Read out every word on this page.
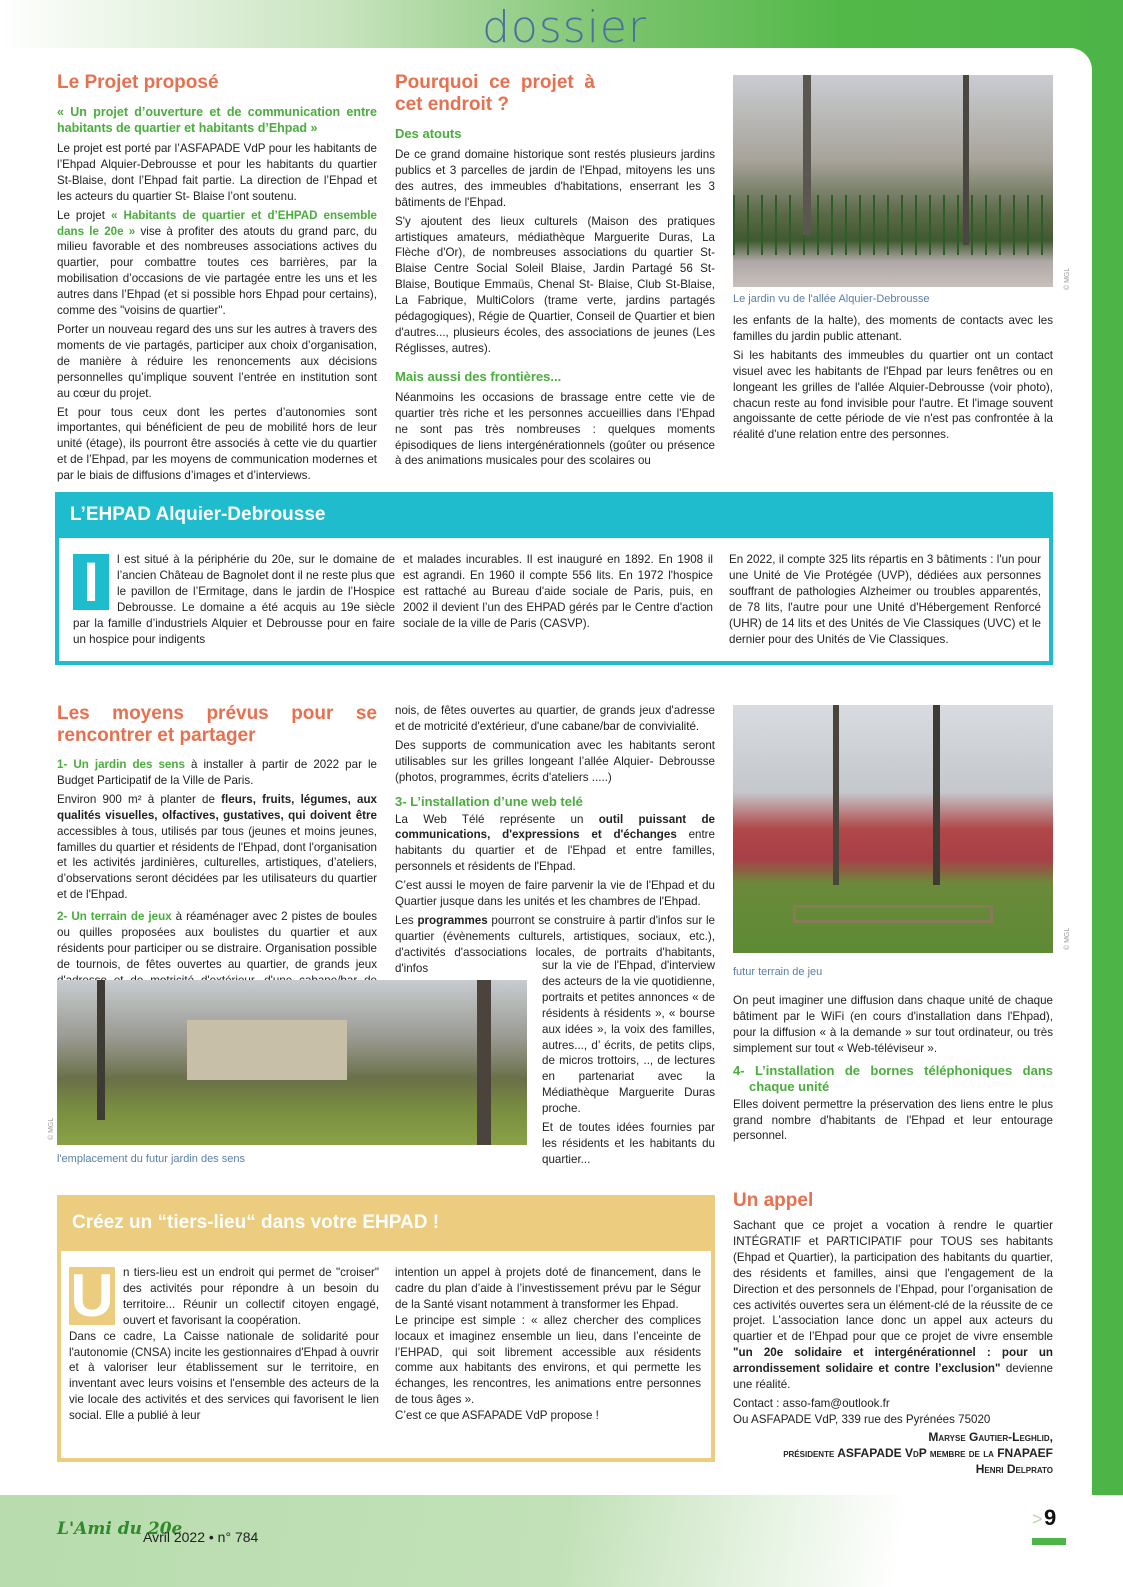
dossier
Le Projet proposé
« Un projet d’ouverture et de communication entre habitants de quartier et habitants d’Ehpad »

Le projet est porté par l’ASFAPADE VdP pour les habitants de l’Ehpad Alquier-Debrousse et pour les habitants du quartier St-Blaise, dont l’Ehpad fait partie. La direction de l’Ehpad et les acteurs du quartier St- Blaise l’ont soutenu.

Le projet « Habitants de quartier et d’EHPAD ensemble dans le 20e » vise à profiter des atouts du grand parc, du milieu favorable et des nombreuses associations actives du quartier, pour combattre toutes ces barrières, par la mobilisation d’occasions de vie partagée entre les uns et les autres dans l’Ehpad (et si possible hors Ehpad pour certains), comme des "voisins de quartier".

Porter un nouveau regard des uns sur les autres à travers des moments de vie partagés, participer aux choix d’organisation, de manière à réduire les renoncements aux décisions personnelles qu’implique souvent l’entrée en institution sont au cœur du projet.

Et pour tous ceux dont les pertes d’autonomies sont importantes, qui bénéficient de peu de mobilité hors de leur unité (étage), ils pourront être associés à cette vie du quartier et de l’Ehpad, par les moyens de communication modernes et par le biais de diffusions d’images et d’interviews.

Pourquoi ce projet à cet endroit ?
Des atouts

De ce grand domaine historique sont restés plusieurs jardins publics et 3 parcelles de jardin de l'Ehpad, mitoyens les uns des autres, des immeubles d'habitations, enserrant les 3 bâtiments de l'Ehpad.

S'y ajoutent des lieux culturels (Maison des pratiques artistiques amateurs, médiathèque Marguerite Duras, La Flèche d'Or), de nombreuses associations du quartier St- Blaise Centre Social Soleil Blaise, Jardin Partagé 56 St- Blaise, Boutique Emmaüs, Chenal St- Blaise, Club St-Blaise, La Fabrique, MultiColors (trame verte, jardins partagés pédagogiques), Régie de Quartier, Conseil de Quartier et bien d'autres..., plusieurs écoles, des associations de jeunes (Les Réglisses, autres).

Mais aussi des frontières...

Néanmoins les occasions de brassage entre cette vie de quartier très riche et les personnes accueillies dans l'Ehpad ne sont pas très nombreuses : quelques moments épisodiques de liens intergénérationnels (goûter ou présence à des animations musicales pour des scolaires ou

© MGL
Le jardin vu de l'allée Alquier-Debrousse

les enfants de la halte), des moments de contacts avec les familles du jardin public attenant.

Si les habitants des immeubles du quartier ont un contact visuel avec les habitants de l'Ehpad par leurs fenêtres ou en longeant les grilles de l'allée Alquier-Debrousse (voir photo), chacun reste au fond invisible pour l'autre. Et l'image souvent angoissante de cette période de vie n'est pas confrontée à la réalité d'une relation entre des personnes.

L’EHPAD Alquier-Debrousse
I	l est situé à la périphérie du 20e, sur le domaine de l’ancien Château de Bagnolet dont il ne reste plus que le pavillon de l’Ermitage, dans le jardin de l’Hospice Debrousse. Le domaine a été acquis au 19e siècle par la famille d’industriels Alquier et Debrousse pour en faire un hospice pour indigents
et malades incurables. Il est inauguré en 1892. En 1908 il est agrandi. En 1960 il compte 556 lits. En 1972 l'hospice est rattaché au Bureau d'aide sociale de Paris, puis, en 2002 il devient l’un des EHPAD gérés par le Centre d'action sociale de la ville de Paris (CASVP).
En 2022, il compte 325 lits répartis en 3 bâtiments : l'un pour une Unité de Vie Protégée (UVP), dédiées aux personnes souffrant de pathologies Alzheimer ou troubles apparentés, de 78 lits, l'autre pour une Unité d'Hébergement Renforcé (UHR) de 14 lits et des Unités de Vie Classiques (UVC) et le dernier pour des Unités de Vie Classiques.
Les moyens prévus pour se rencontrer et partager

1- Un jardin des sens à installer à partir de 2022 par le Budget Participatif de la Ville de Paris.

Environ 900 m² à planter de fleurs, fruits, légumes, aux qualités visuelles, olfactives, gustatives, qui doivent être accessibles à tous, utilisés par tous (jeunes et moins jeunes, familles du quartier et résidents de l'Ehpad, dont l'organisation et les activités jardinières, culturelles, artistiques, d’ateliers, d’observations seront décidées par les utilisateurs du quartier et de l'Ehpad.

2- Un terrain de jeux à réaménager avec 2 pistes de boules ou quilles proposées aux boulistes du quartier et aux résidents pour participer ou se distraire. Organisation possible de tournois, de fêtes ouvertes au quartier, de grands jeux

nois, de fêtes ouvertes au quartier, de grands jeux d'adresse et de motricité d'extérieur, d'une cabane/bar de convivialité.

Des supports de communication avec les habitants seront utilisables sur les grilles longeant l’allée Alquier- Debrousse (photos, programmes, écrits d'ateliers .....)

3- L’installation d’une web telé

La Web Télé représente un outil puissant de communications, d'expressions et d'échanges entre habitants du quartier et de l'Ehpad et entre familles, personnels et résidents de l'Ehpad.

C’est aussi le moyen de faire parvenir la vie de l'Ehpad et du Quartier jusque dans les unités et les chambres de l'Ehpad.

Les programmes pourront se construire à partir d'infos sur le quartier (évènements culturels, artistiques, sociaux, etc.), d'activités d'associations locales, de portraits d'habitants, d'infos	sur la vie de l'Ehpad, d'interview des acteurs de la vie quotidienne, portraits et petites annonces « de résidents à résidents », « bourse aux idées », la voix des familles, autres..., d’ écrits, de petits clips, de micros trottoirs, .., de lectures en partenariat avec la Médiathèque Marguerite Duras proche.

Et de toutes idées fournies par les résidents et les habitants du quartier...

© MGL
futur terrain de jeu

On peut imaginer une diffusion dans chaque unité de chaque bâtiment par le WiFi (en cours d'installation dans l'Ehpad), pour la diffusion « à la demande » sur tout ordinateur, ou très simplement sur tout « Web-téléviseur ».

4- L’installation de bornes téléphoniques dans chaque unité

Elles doivent permettre la préservation des liens entre le plus grand nombre d'habitants de l'Ehpad et leur entourage personnel.

© MGL
l'emplacement du futur jardin des sens
Créez un “tiers-lieu“ dans votre EHPAD !
U n tiers-lieu est un endroit qui permet de "croiser" des activités pour répondre à un besoin du territoire... Réunir un collectif citoyen engagé, ouvert et favorisant la coopération.

Dans ce cadre, La Caisse nationale de solidarité pour l'autonomie (CNSA) incite les gestionnaires d'Ehpad à ouvrir et à valoriser leur établissement sur le territoire, en inventant avec leurs voisins et l'ensemble des acteurs de la vie locale des activités et des services qui favorisent le lien social. Elle a publié à leur

intention un appel à projets doté de financement, dans le cadre du plan d’aide à l’investissement prévu par le Ségur de la Santé visant notamment à transformer les Ehpad.

Le principe est simple : « allez chercher des complices locaux et imaginez ensemble un lieu, dans l’enceinte de l’EHPAD, qui soit librement accessible aux résidents comme aux habitants des environs, et qui permette les échanges, les rencontres, les animations entre personnes de tous âges ».

C’est ce que ASFAPADE VdP propose !

Un appel

Sachant que ce projet a vocation à rendre le quartier INTÉGRATIF et PARTICIPATIF pour TOUS ses habitants (Ehpad et Quartier), la participation des habitants du quartier, des résidents et familles, ainsi que l'engagement de la Direction et des personnels de l’Ehpad, pour l’organisation de ces activités ouvertes sera un élément-clé de la réussite de ce projet. L’association lance donc un appel aux acteurs du quartier et de l’Ehpad pour que ce projet de vivre ensemble "un 20e solidaire et intergénérationnel : pour un arrondissement solidaire et contre l’exclusion" devienne une réalité.

Contact : asso-fam@outlook.fr
Ou ASFAPADE VdP, 339 rue des Pyrénées 75020
Maryse Gautier-Leghlid,
présidente ASFAPADE VdP membre de la FNAPAEF
Henri Delprato
L'Ami du 20e
Avril 2022 • n° 784
> 9
